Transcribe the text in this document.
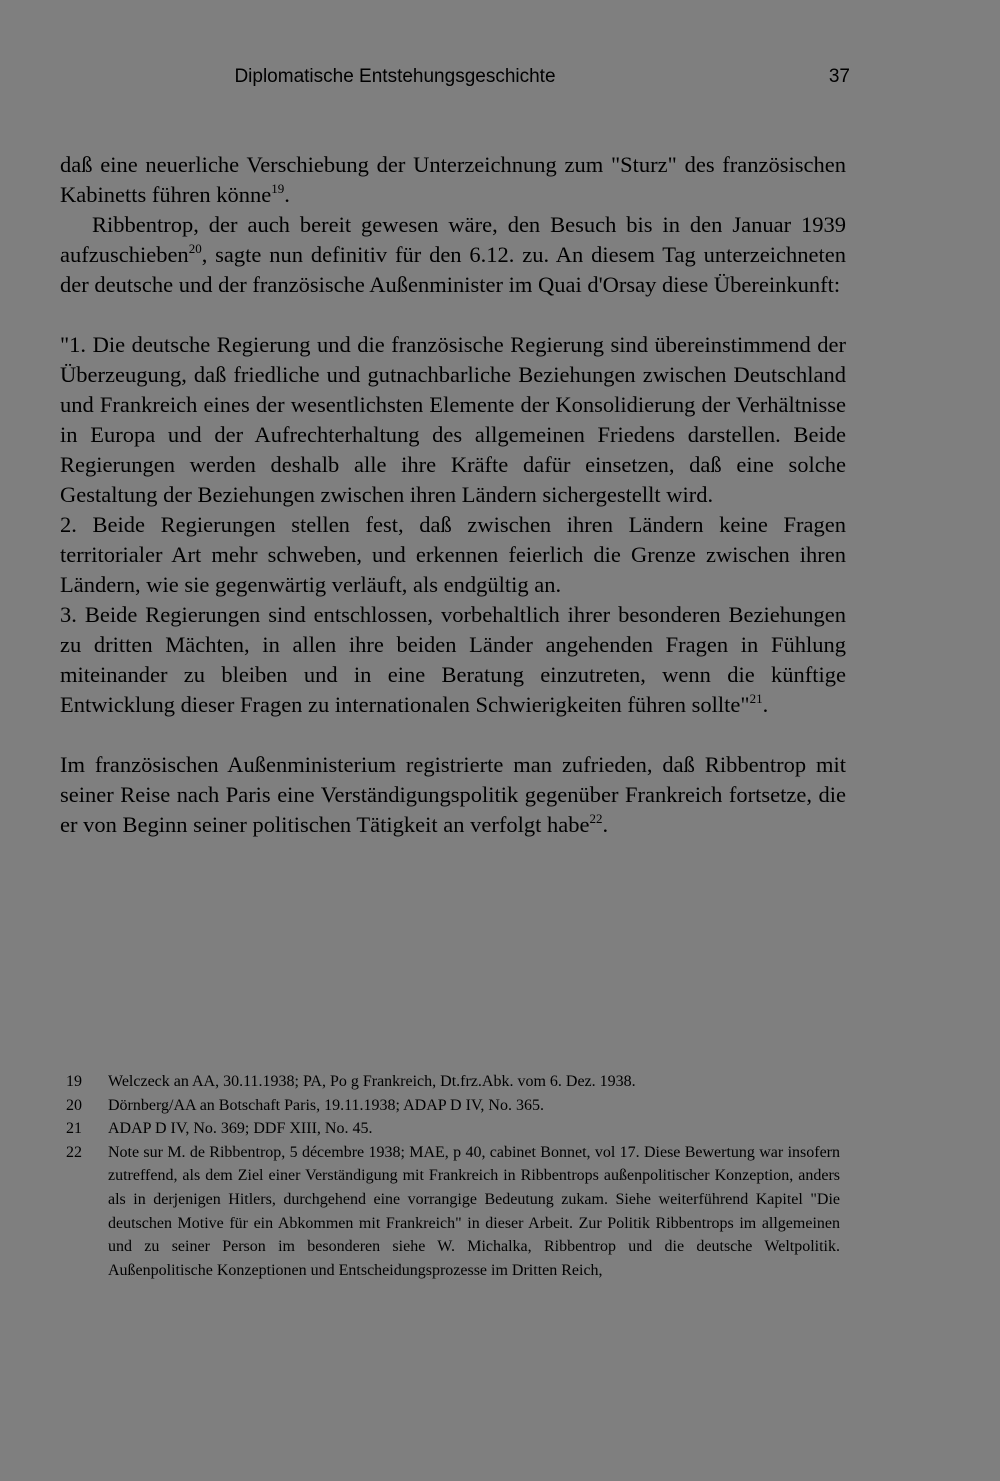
Diplomatische Entstehungsgeschichte	37

daß eine neuerliche Verschiebung der Unterzeichnung zum "Sturz" des französischen Kabinetts führen könne$^{19}$.

Ribbentrop, der auch bereit gewesen wäre, den Besuch bis in den Januar 1939 aufzuschieben$^{20}$, sagte nun definitiv für den 6.12. zu. An diesem Tag unterzeichneten der deutsche und der französische Außenminister im Quai d'Orsay diese Übereinkunft:

"1. Die deutsche Regierung und die französische Regierung sind übereinstimmend der Überzeugung, daß friedliche und gutnachbarliche Beziehungen zwischen Deutschland und Frankreich eines der wesentlichsten Elemente der Konsolidierung der Verhältnisse in Europa und der Aufrechterhaltung des allgemeinen Friedens darstellen. Beide Regierungen werden deshalb alle ihre Kräfte dafür einsetzen, daß eine solche Gestaltung der Beziehungen zwischen ihren Ländern sichergestellt wird.

2. Beide Regierungen stellen fest, daß zwischen ihren Ländern keine Fragen territorialer Art mehr schweben, und erkennen feierlich die Grenze zwischen ihren Ländern, wie sie gegenwärtig verläuft, als endgültig an.

3. Beide Regierungen sind entschlossen, vorbehaltlich ihrer besonderen Beziehungen zu dritten Mächten, in allen ihre beiden Länder angehenden Fragen in Fühlung miteinander zu bleiben und in eine Beratung einzutreten, wenn die künftige Entwicklung dieser Fragen zu internationalen Schwierigkeiten führen sollte"$^{21}$.

Im französischen Außenministerium registrierte man zufrieden, daß Ribbentrop mit seiner Reise nach Paris eine Verständigungspolitik gegenüber Frankreich fortsetze, die er von Beginn seiner politischen Tätigkeit an verfolgt habe$^{22}$.

19	Welczeck an AA, 30.11.1938; PA, Po g Frankreich, Dt.frz.Abk. vom 6. Dez. 1938.
20	Dörnberg/AA an Botschaft Paris, 19.11.1938; ADAP D IV, No. 365.
21	ADAP D IV, No. 369; DDF XIII, No. 45.
22	Note sur M. de Ribbentrop, 5 décembre 1938; MAE, p 40, cabinet Bonnet, vol 17. Diese Bewertung war insofern zutreffend, als dem Ziel einer Verständigung mit Frankreich in Ribbentrops außenpolitischer Konzeption, anders als in derjenigen Hitlers, durchgehend eine vorrangige Bedeutung zukam. Siehe weiterführend Kapitel "Die deutschen Motive für ein Abkommen mit Frankreich" in dieser Arbeit. Zur Politik Ribbentrops im allgemeinen und zu seiner Person im besonderen siehe W. Michalka, Ribbentrop und die deutsche Weltpolitik. Außenpolitische Konzeptionen und Entscheidungsprozesse im Dritten Reich,
